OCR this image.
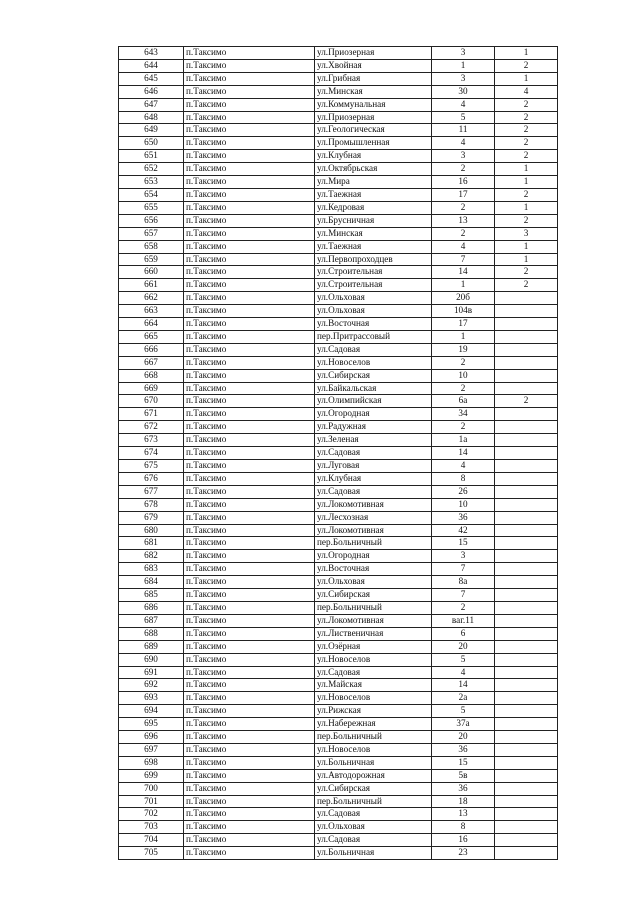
643	п.Таксимо	ул.Приозерная	3	1
644	п.Таксимо	ул.Хвойная	1	2
645	п.Таксимо	ул.Грибная	3	1
646	п.Таксимо	ул.Минская	30	4
647	п.Таксимо	ул.Коммунальная	4	2
648	п.Таксимо	ул.Приозерная	5	2
649	п.Таксимо	ул.Геологическая	11	2
650	п.Таксимо	ул.Промышленная	4	2
651	п.Таксимо	ул.Клубная	3	2
652	п.Таксимо	ул.Октябрьская	2	1
653	п.Таксимо	ул.Мира	16	1
654	п.Таксимо	ул.Таежная	17	2
655	п.Таксимо	ул.Кедровая	2	1
656	п.Таксимо	ул.Брусничная	13	2
657	п.Таксимо	ул.Минская	2	3
658	п.Таксимо	ул.Таежная	4	1
659	п.Таксимо	ул.Первопроходцев	7	1
660	п.Таксимо	ул.Строительная	14	2
661	п.Таксимо	ул.Строительная	1	2
662	п.Таксимо	ул.Ольховая	20б	
663	п.Таксимо	ул.Ольховая	104в	
664	п.Таксимо	ул.Восточная	17	
665	п.Таксимо	пер.Притрассовый	1	
666	п.Таксимо	ул.Садовая	19	
667	п.Таксимо	ул.Новоселов	2	
668	п.Таксимо	ул.Сибирская	10	
669	п.Таксимо	ул.Байкальская	2	
670	п.Таксимо	ул.Олимпийская	6а	2
671	п.Таксимо	ул.Огородная	34	
672	п.Таксимо	ул.Радужная	2	
673	п.Таксимо	ул.Зеленая	1а	
674	п.Таксимо	ул.Садовая	14	
675	п.Таксимо	ул.Луговая	4	
676	п.Таксимо	ул.Клубная	8	
677	п.Таксимо	ул.Садовая	26	
678	п.Таксимо	ул.Локомотивная	10	
679	п.Таксимо	ул.Лесхозная	36	
680	п.Таксимо	ул.Локомотивная	42	
681	п.Таксимо	пер.Больничный	15	
682	п.Таксимо	ул.Огородная	3	
683	п.Таксимо	ул.Восточная	7	
684	п.Таксимо	ул.Ольховая	8а	
685	п.Таксимо	ул.Сибирская	7	
686	п.Таксимо	пер.Больничный	2	
687	п.Таксимо	ул.Локомотивная	ваг.11	
688	п.Таксимо	ул.Лиственичная	6	
689	п.Таксимо	ул.Озёрная	20	
690	п.Таксимо	ул.Новоселов	5	
691	п.Таксимо	ул.Садовая	4	
692	п.Таксимо	ул.Майская	14	
693	п.Таксимо	ул.Новоселов	2а	
694	п.Таксимо	ул.Рижская	5	
695	п.Таксимо	ул.Набережная	37а	
696	п.Таксимо	пер.Больничный	20	
697	п.Таксимо	ул.Новоселов	36	
698	п.Таксимо	ул.Больничная	15	
699	п.Таксимо	ул.Автодорожная	5в	
700	п.Таксимо	ул.Сибирская	36	
701	п.Таксимо	пер.Больничный	18	
702	п.Таксимо	ул.Садовая	13	
703	п.Таксимо	ул.Ольховая	8	
704	п.Таксимо	ул.Садовая	16	
705	п.Таксимо	ул.Больничная	23	
